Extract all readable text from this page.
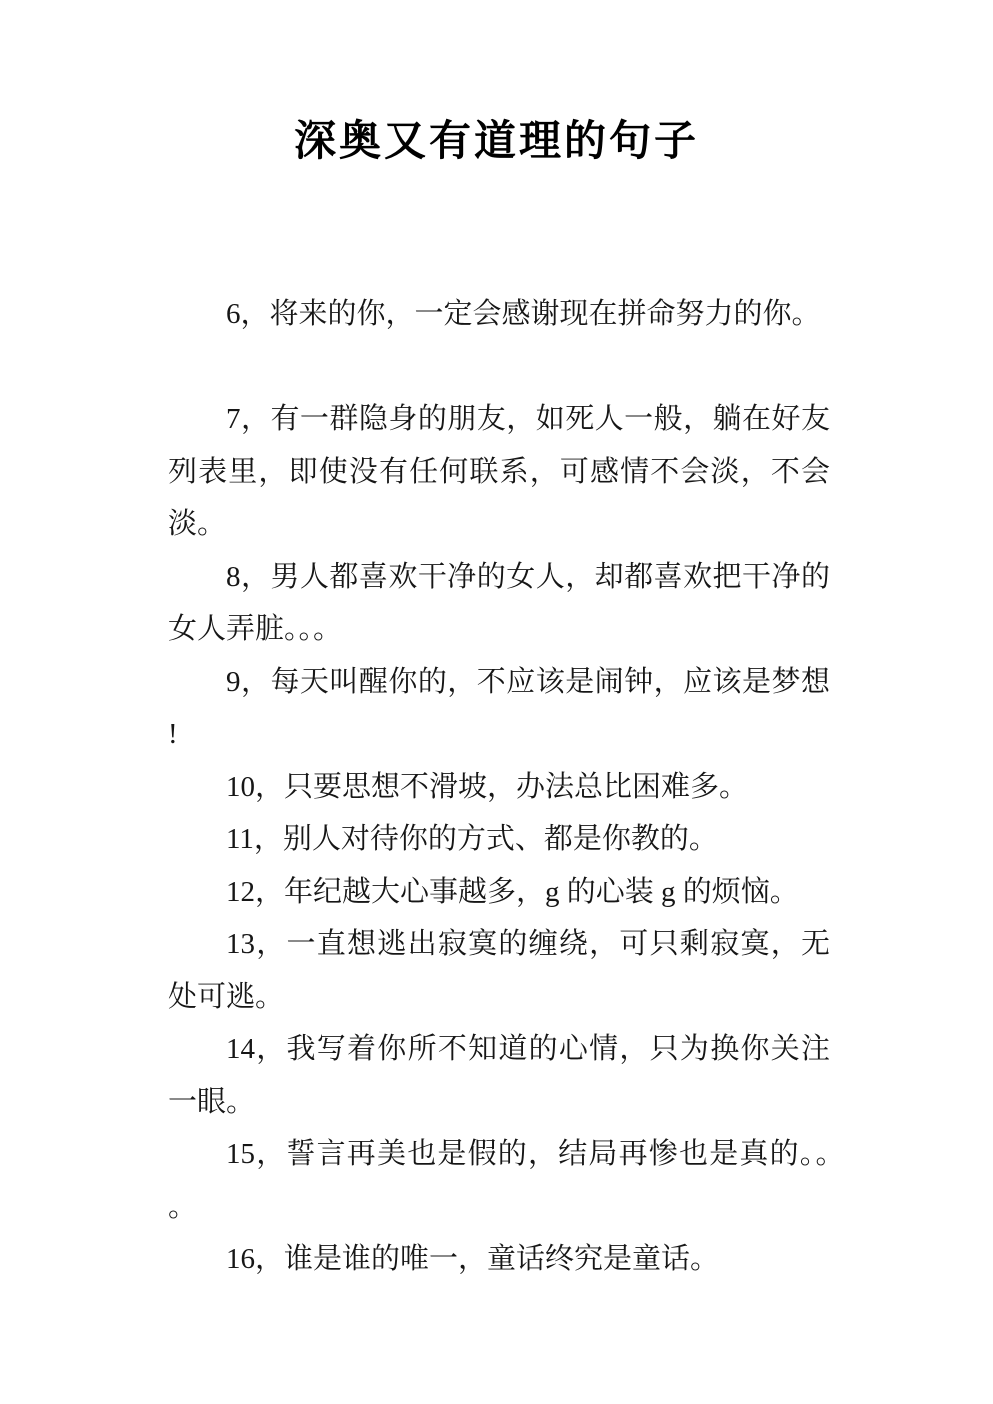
深奥又有道理的句子

6，将来的你，一定会感谢现在拼命努力的你。

7，有一群隐身的朋友，如死人一般，躺在好友列表里，即使没有任何联系，可感情不会淡，不会淡。

8，男人都喜欢干净的女人，却都喜欢把干净的女人弄脏。。。

9，每天叫醒你的，不应该是闹钟，应该是梦想!

10，只要思想不滑坡，办法总比困难多。

11，别人对待你的方式、都是你教的。

12，年纪越大心事越多，g 的心装 g 的烦恼。

13，一直想逃出寂寞的缠绕，可只剩寂寞，无处可逃。

14，我写着你所不知道的心情，只为换你关注一眼。

15，誓言再美也是假的，结局再惨也是真的。。。

16，谁是谁的唯一，童话终究是童话。
